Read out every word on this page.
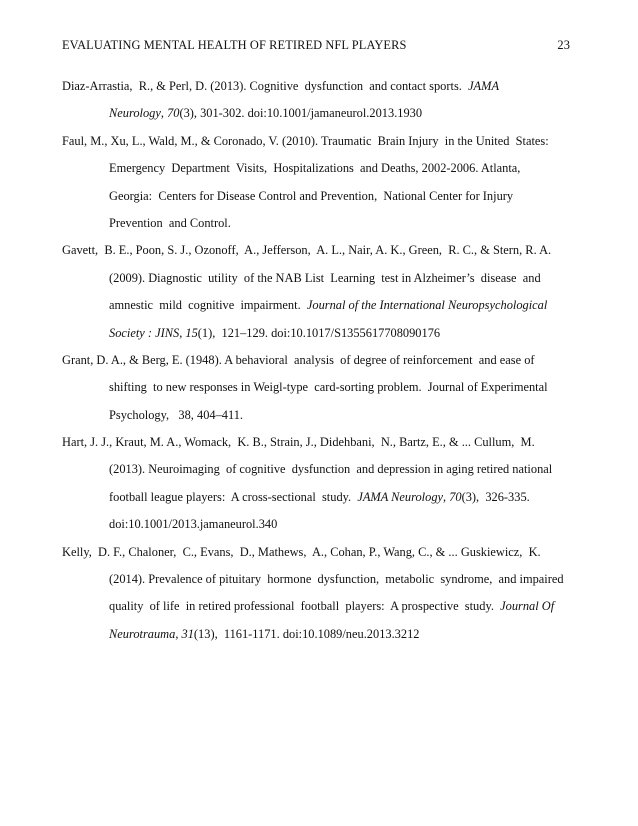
EVALUATING MENTAL HEALTH OF RETIRED NFL PLAYERS	23
Diaz-Arrastia,  R., & Perl, D. (2013). Cognitive  dysfunction  and contact sports.  JAMA
Neurology, 70(3), 301-302. doi:10.1001/jamaneurol.2013.1930
Faul, M., Xu, L., Wald, M., & Coronado, V. (2010). Traumatic  Brain Injury  in the United  States:
Emergency  Department  Visits,  Hospitalizations  and Deaths, 2002-2006. Atlanta,
Georgia:  Centers for Disease Control and Prevention,  National Center for Injury
Prevention  and Control.
Gavett,  B. E., Poon, S. J., Ozonoff,  A., Jefferson,  A. L., Nair, A. K., Green,  R. C., & Stern, R. A.
(2009). Diagnostic  utility  of the NAB List  Learning  test in Alzheimer’s  disease  and
amnestic  mild  cognitive  impairment.  Journal of the International Neuropsychological
Society : JINS, 15(1),  121–129. doi:10.1017/S1355617708090176
Grant, D. A., & Berg, E. (1948). A behavioral  analysis  of degree of reinforcement  and ease of
shifting  to new responses in Weigl-type  card-sorting problem.  Journal of Experimental
Psychology,   38, 404–411.
Hart, J. J., Kraut, M. A., Womack,  K. B., Strain, J., Didehbani,  N., Bartz, E., & ... Cullum,  M.
(2013). Neuroimaging  of cognitive  dysfunction  and depression in aging retired national
football league players:  A cross-sectional  study.  JAMA Neurology, 70(3),  326-335.
doi:10.1001/2013.jamaneurol.340
Kelly,  D. F., Chaloner,  C., Evans,  D., Mathews,  A., Cohan, P., Wang, C., & ... Guskiewicz,  K.
(2014). Prevalence of pituitary  hormone  dysfunction,  metabolic  syndrome,  and impaired
quality  of life  in retired professional  football  players:  A prospective  study.  Journal Of
Neurotrauma, 31(13),  1161-1171. doi:10.1089/neu.2013.3212
